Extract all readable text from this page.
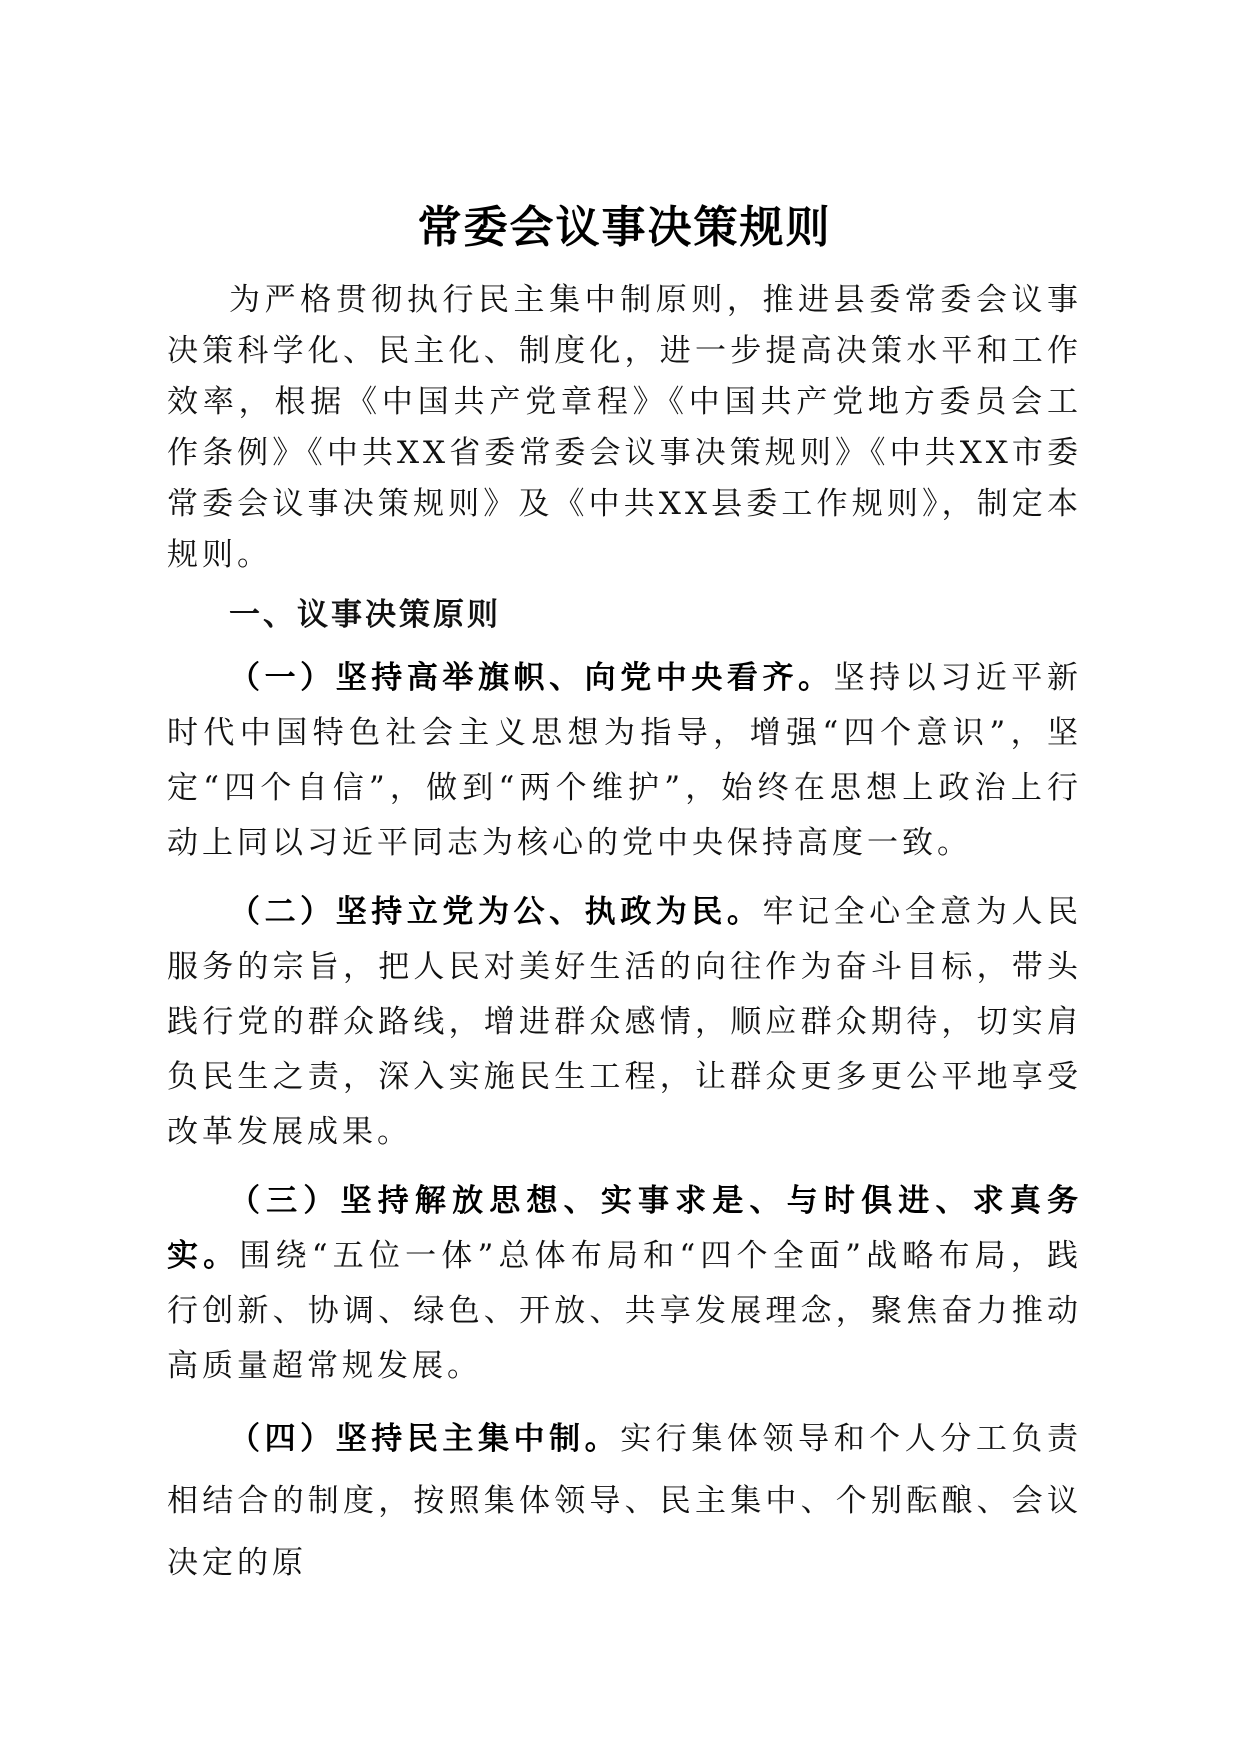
常委会议事决策规则

为严格贯彻执行民主集中制原则，推进县委常委会议事决策科学化、民主化、制度化，进一步提高决策水平和工作效率，根据《中国共产党章程》《中国共产党地方委员会工作条例》《中共XX省委常委会议事决策规则》《中共XX市委常委会议事决策规则》及《中共XX县委工作规则》，制定本规则。

一、议事决策原则

（一）坚持高举旗帜、向党中央看齐。坚持以习近平新时代中国特色社会主义思想为指导，增强“四个意识”，坚定“四个自信”，做到“两个维护”，始终在思想上政治上行动上同以习近平同志为核心的党中央保持高度一致。

（二）坚持立党为公、执政为民。牢记全心全意为人民服务的宗旨，把人民对美好生活的向往作为奋斗目标，带头践行党的群众路线，增进群众感情，顺应群众期待，切实肩负民生之责，深入实施民生工程，让群众更多更公平地享受改革发展成果。

（三）坚持解放思想、实事求是、与时俱进、求真务实。围绕“五位一体”总体布局和“四个全面”战略布局，践行创新、协调、绿色、开放、共享发展理念，聚焦奋力推动高质量超常规发展。

（四）坚持民主集中制。实行集体领导和个人分工负责相结合的制度，按照集体领导、民主集中、个别酝酿、会议决定的原
